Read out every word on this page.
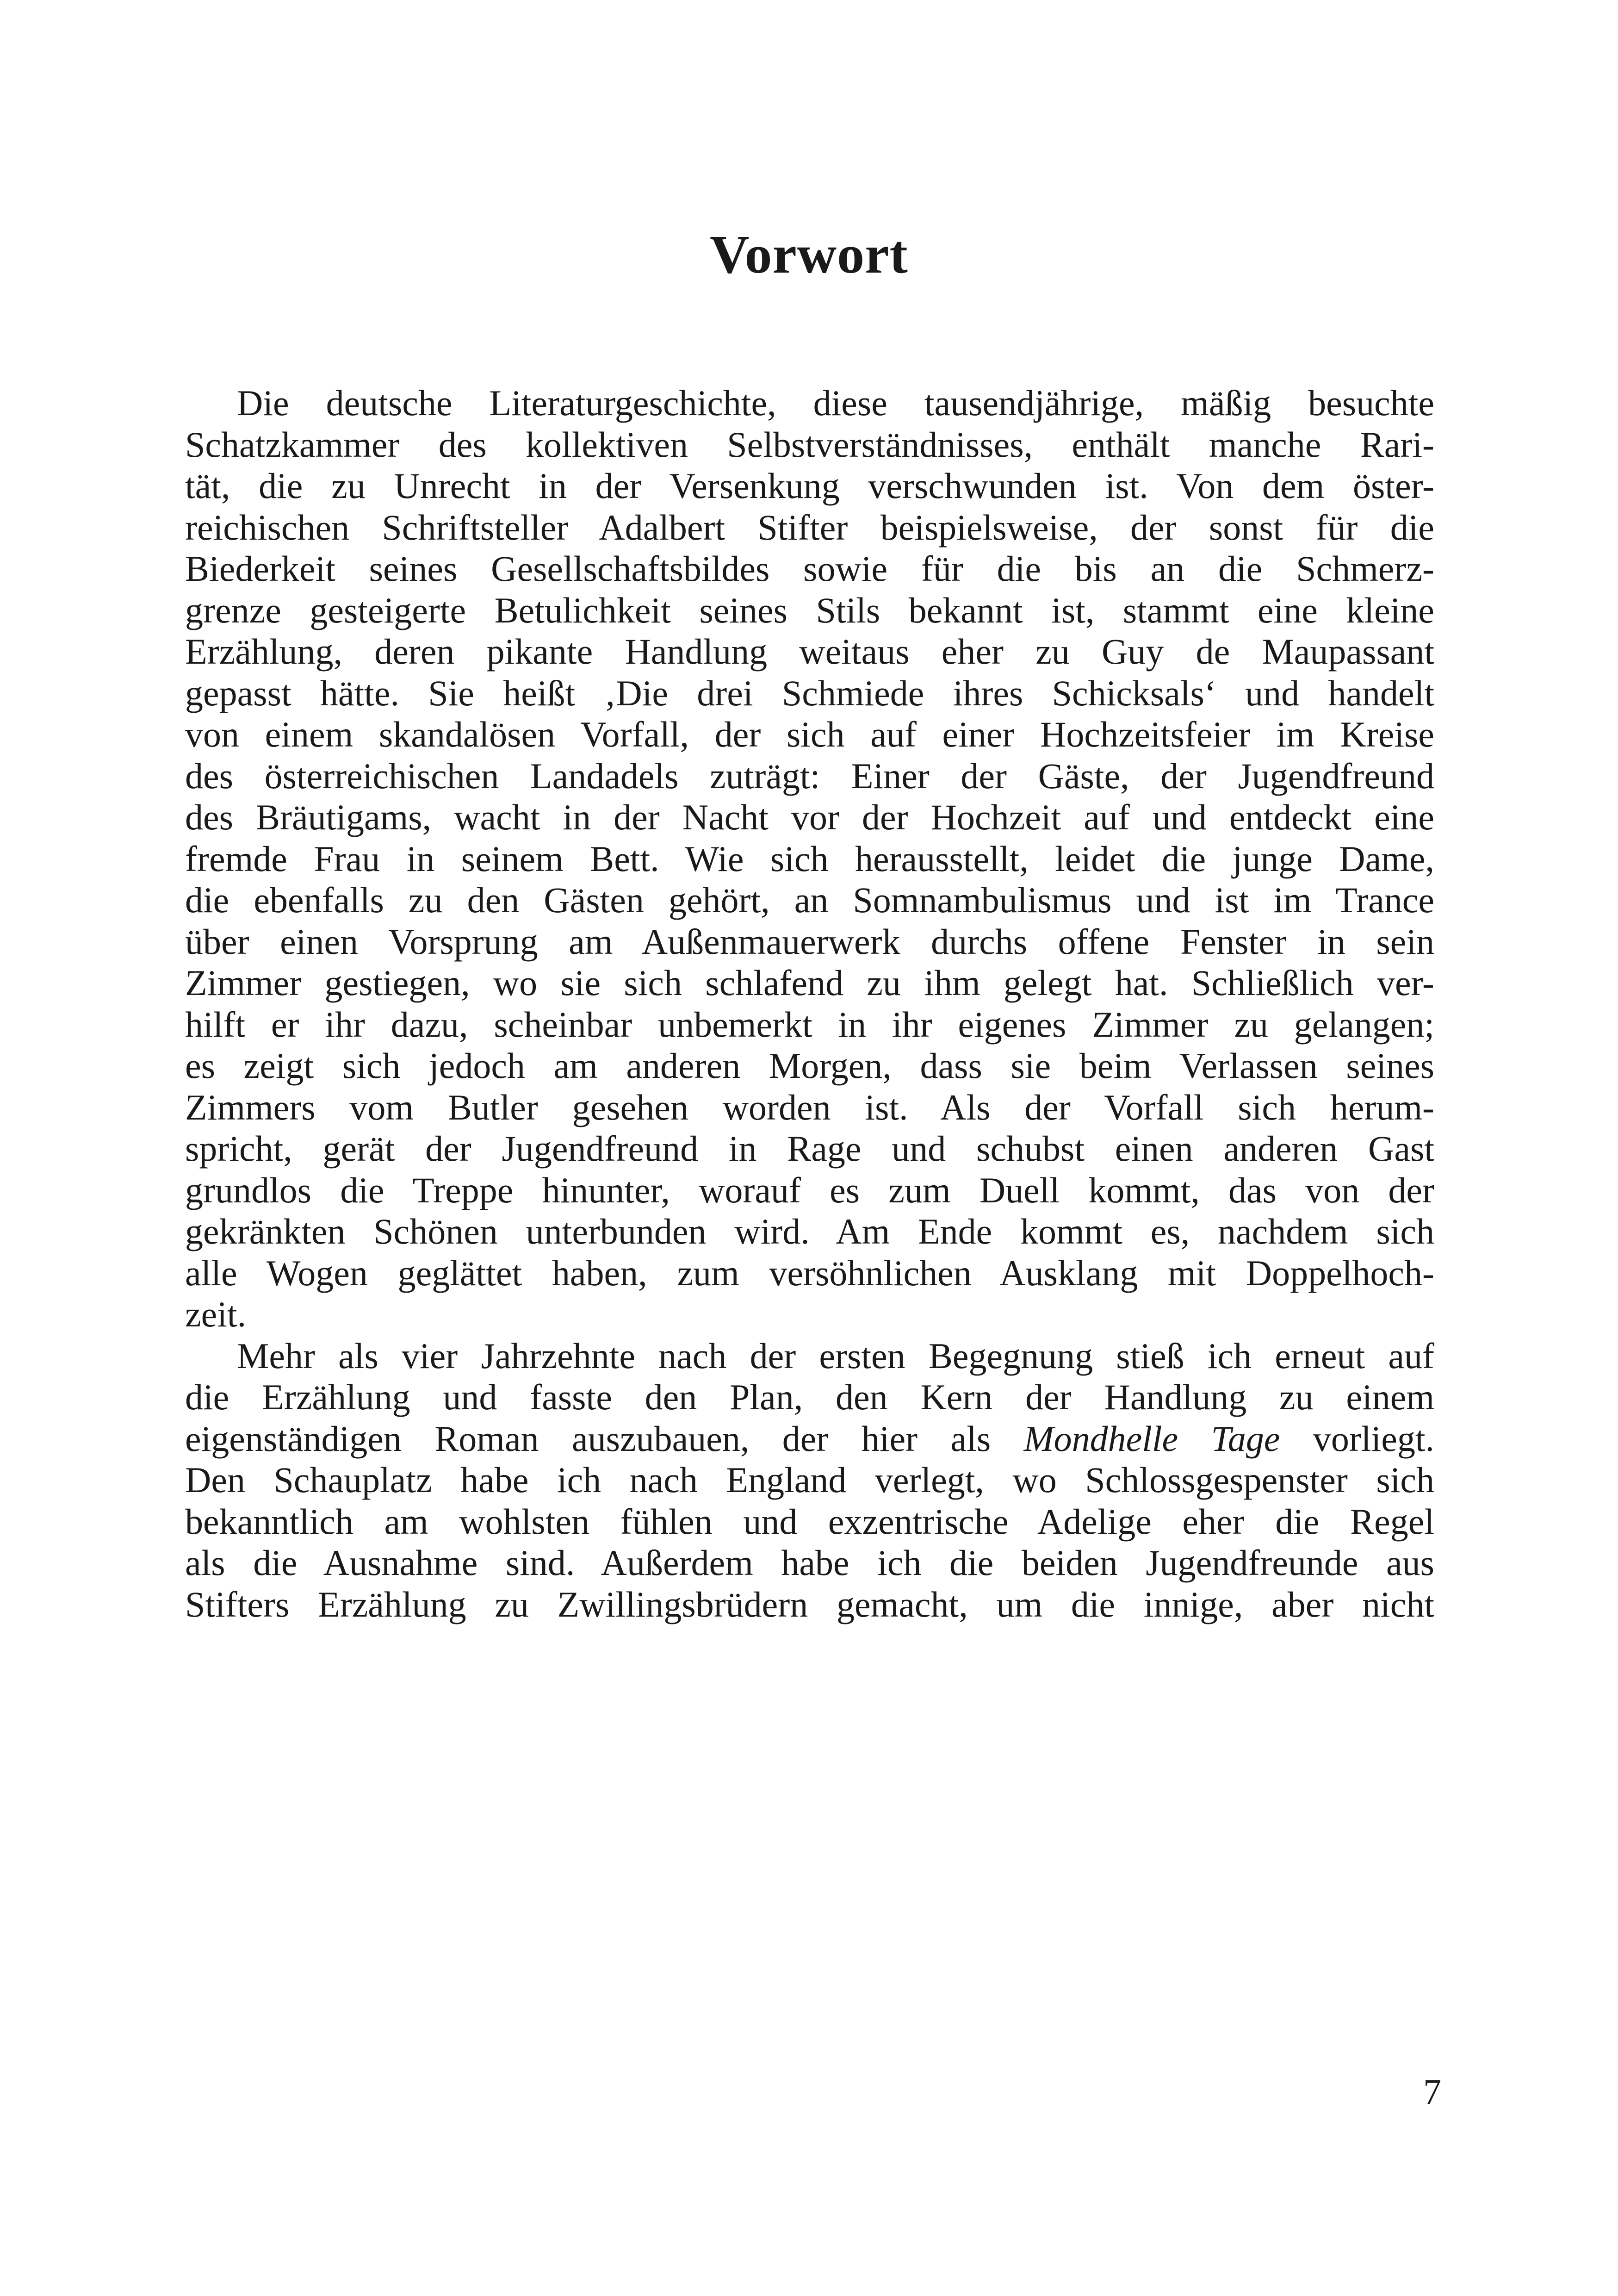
Vorwort
Die deutsche Literaturgeschichte, diese tausendjährige, mäßig besuchte
Schatzkammer des kollektiven Selbstverständnisses, enthält manche Rari-
tät, die zu Unrecht in der Versenkung verschwunden ist. Von dem öster-
reichischen Schriftsteller Adalbert Stifter beispielsweise, der sonst für die
Biederkeit seines Gesellschaftsbildes sowie für die bis an die Schmerz-
grenze gesteigerte Betulichkeit seines Stils bekannt ist, stammt eine kleine
Erzählung, deren pikante Handlung weitaus eher zu Guy de Maupassant
gepasst hätte. Sie heißt ‚Die drei Schmiede ihres Schicksals‘ und handelt
von einem skandalösen Vorfall, der sich auf einer Hochzeitsfeier im Kreise
des österreichischen Landadels zuträgt: Einer der Gäste, der Jugendfreund
des Bräutigams, wacht in der Nacht vor der Hochzeit auf und entdeckt eine
fremde Frau in seinem Bett. Wie sich herausstellt, leidet die junge Dame,
die ebenfalls zu den Gästen gehört, an Somnambulismus und ist im Trance
über einen Vorsprung am Außenmauerwerk durchs offene Fenster in sein
Zimmer gestiegen, wo sie sich schlafend zu ihm gelegt hat. Schließlich ver-
hilft er ihr dazu, scheinbar unbemerkt in ihr eigenes Zimmer zu gelangen;
es zeigt sich jedoch am anderen Morgen, dass sie beim Verlassen seines
Zimmers vom Butler gesehen worden ist. Als der Vorfall sich herum-
spricht, gerät der Jugendfreund in Rage und schubst einen anderen Gast
grundlos die Treppe hinunter, worauf es zum Duell kommt, das von der
gekränkten Schönen unterbunden wird. Am Ende kommt es, nachdem sich
alle Wogen geglättet haben, zum versöhnlichen Ausklang mit Doppelhoch-
zeit.
Mehr als vier Jahrzehnte nach der ersten Begegnung stieß ich erneut auf
die Erzählung und fasste den Plan, den Kern der Handlung zu einem
eigenständigen Roman auszubauen, der hier als Mondhelle Tage vorliegt.
Den Schauplatz habe ich nach England verlegt, wo Schlossgespenster sich
bekanntlich am wohlsten fühlen und exzentrische Adelige eher die Regel
als die Ausnahme sind. Außerdem habe ich die beiden Jugendfreunde aus
Stifters Erzählung zu Zwillingsbrüdern gemacht, um die innige, aber nicht
7
